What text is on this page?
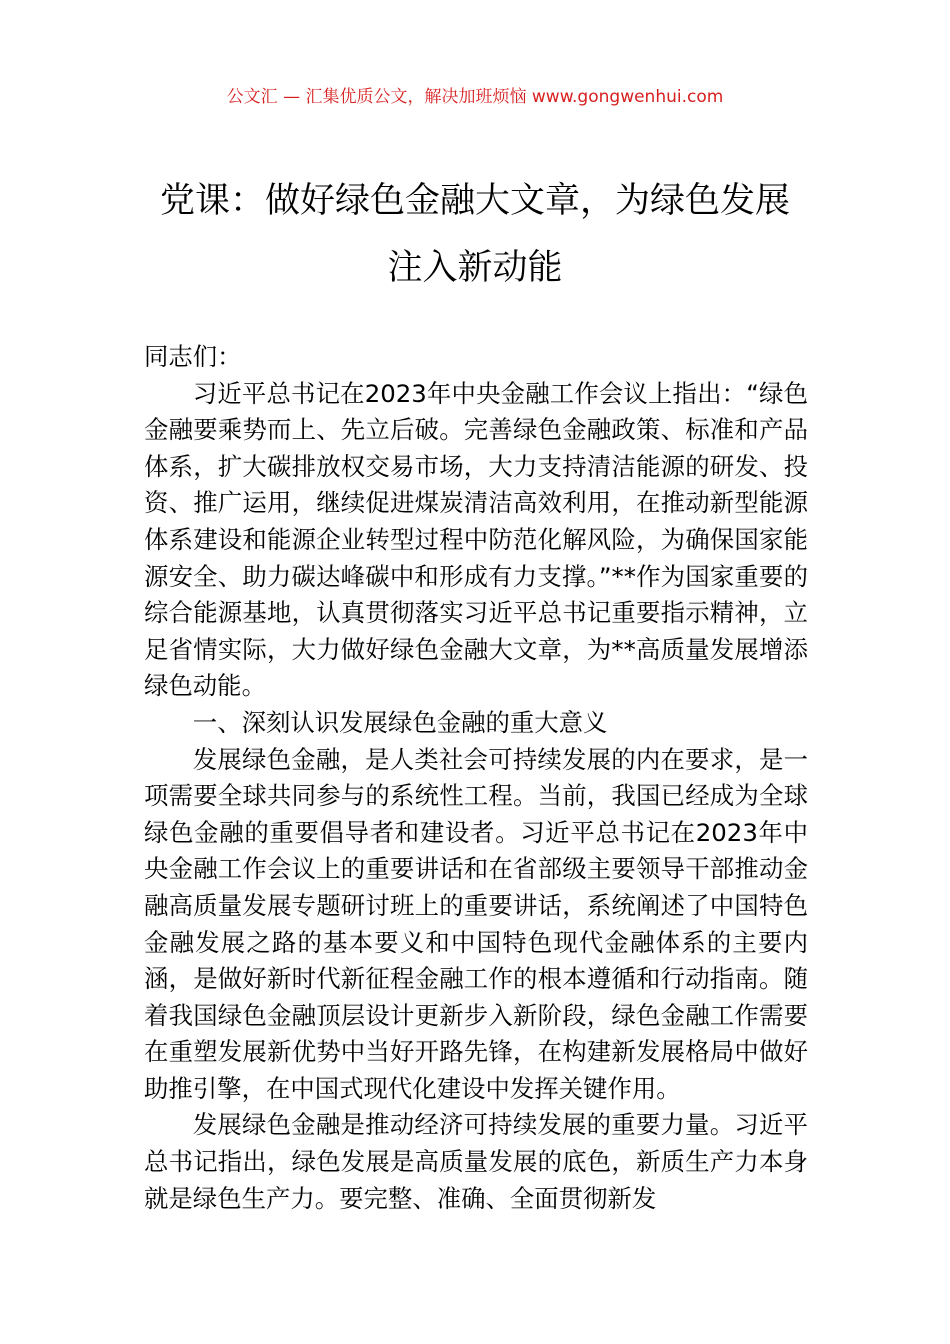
公文汇 — 汇集优质公文，解决加班烦恼 www.gongwenhui.com
党课：做好绿色金融大文章，为绿色发展
注入新动能

同志们：

习近平总书记在2023年中央金融工作会议上指出：“绿色金融要乘势而上、先立后破。完善绿色金融政策、标准和产品体系，扩大碳排放权交易市场，大力支持清洁能源的研发、投资、推广运用，继续促进煤炭清洁高效利用，在推动新型能源体系建设和能源企业转型过程中防范化解风险，为确保国家能源安全、助力碳达峰碳中和形成有力支撑。”**作为国家重要的综合能源基地，认真贯彻落实习近平总书记重要指示精神，立足省情实际，大力做好绿色金融大文章，为**高质量发展增添绿色动能。

一、深刻认识发展绿色金融的重大意义

发展绿色金融，是人类社会可持续发展的内在要求，是一项需要全球共同参与的系统性工程。当前，我国已经成为全球绿色金融的重要倡导者和建设者。习近平总书记在2023年中央金融工作会议上的重要讲话和在省部级主要领导干部推动金融高质量发展专题研讨班上的重要讲话，系统阐述了中国特色金融发展之路的基本要义和中国特色现代金融体系的主要内涵，是做好新时代新征程金融工作的根本遵循和行动指南。随着我国绿色金融顶层设计更新步入新阶段，绿色金融工作需要在重塑发展新优势中当好开路先锋，在构建新发展格局中做好助推引擎，在中国式现代化建设中发挥关键作用。

发展绿色金融是推动经济可持续发展的重要力量。习近平总书记指出，绿色发展是高质量发展的底色，新质生产力本身就是绿色生产力。要完整、准确、全面贯彻新发
